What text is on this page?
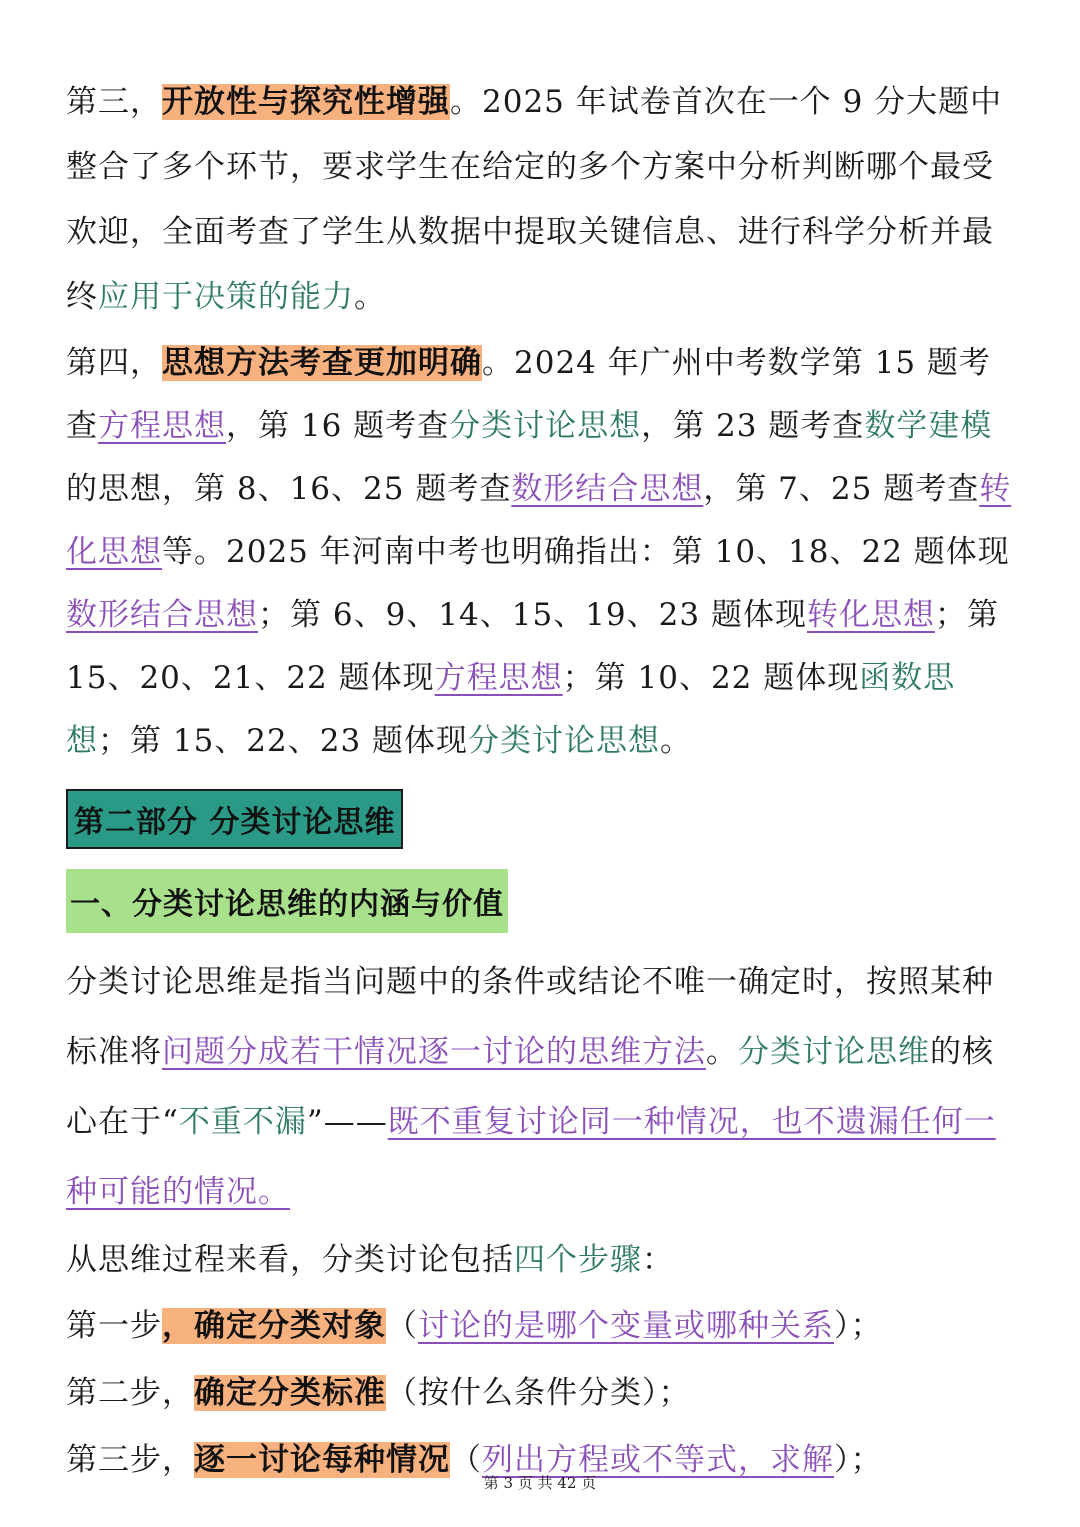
第三，开放性与探究性增强。2025 年试卷首次在一个 9 分大题中整合了多个环节，要求学生在给定的多个方案中分析判断哪个最受欢迎，全面考查了学生从数据中提取关键信息、进行科学分析并最终应用于决策的能力。
第四，思想方法考查更加明确。2024 年广州中考数学第 15 题考查方程思想，第 16 题考查分类讨论思想，第 23 题考查数学建模的思想，第 8、16、25 题考查数形结合思想，第 7、25 题考查转化思想等。2025 年河南中考也明确指出：第 10、18、22 题体现数形结合思想；第 6、9、14、15、19、23 题体现转化思想；第 15、20、21、22 题体现方程思想；第 10、22 题体现函数思想；第 15、22、23 题体现分类讨论思想。
第二部分 分类讨论思维
一、分类讨论思维的内涵与价值
分类讨论思维是指当问题中的条件或结论不唯一确定时，按照某种标准将问题分成若干情况逐一讨论的思维方法。分类讨论思维的核心在于“不重不漏”——既不重复讨论同一种情况，也不遗漏任何一种可能的情况。
从思维过程来看，分类讨论包括四个步骤：
第一步，确定分类对象（讨论的是哪个变量或哪种关系）；
第二步，确定分类标准（按什么条件分类）；
第三步，逐一讨论每种情况（列出方程或不等式，求解）；
第 3 页 共 42 页
